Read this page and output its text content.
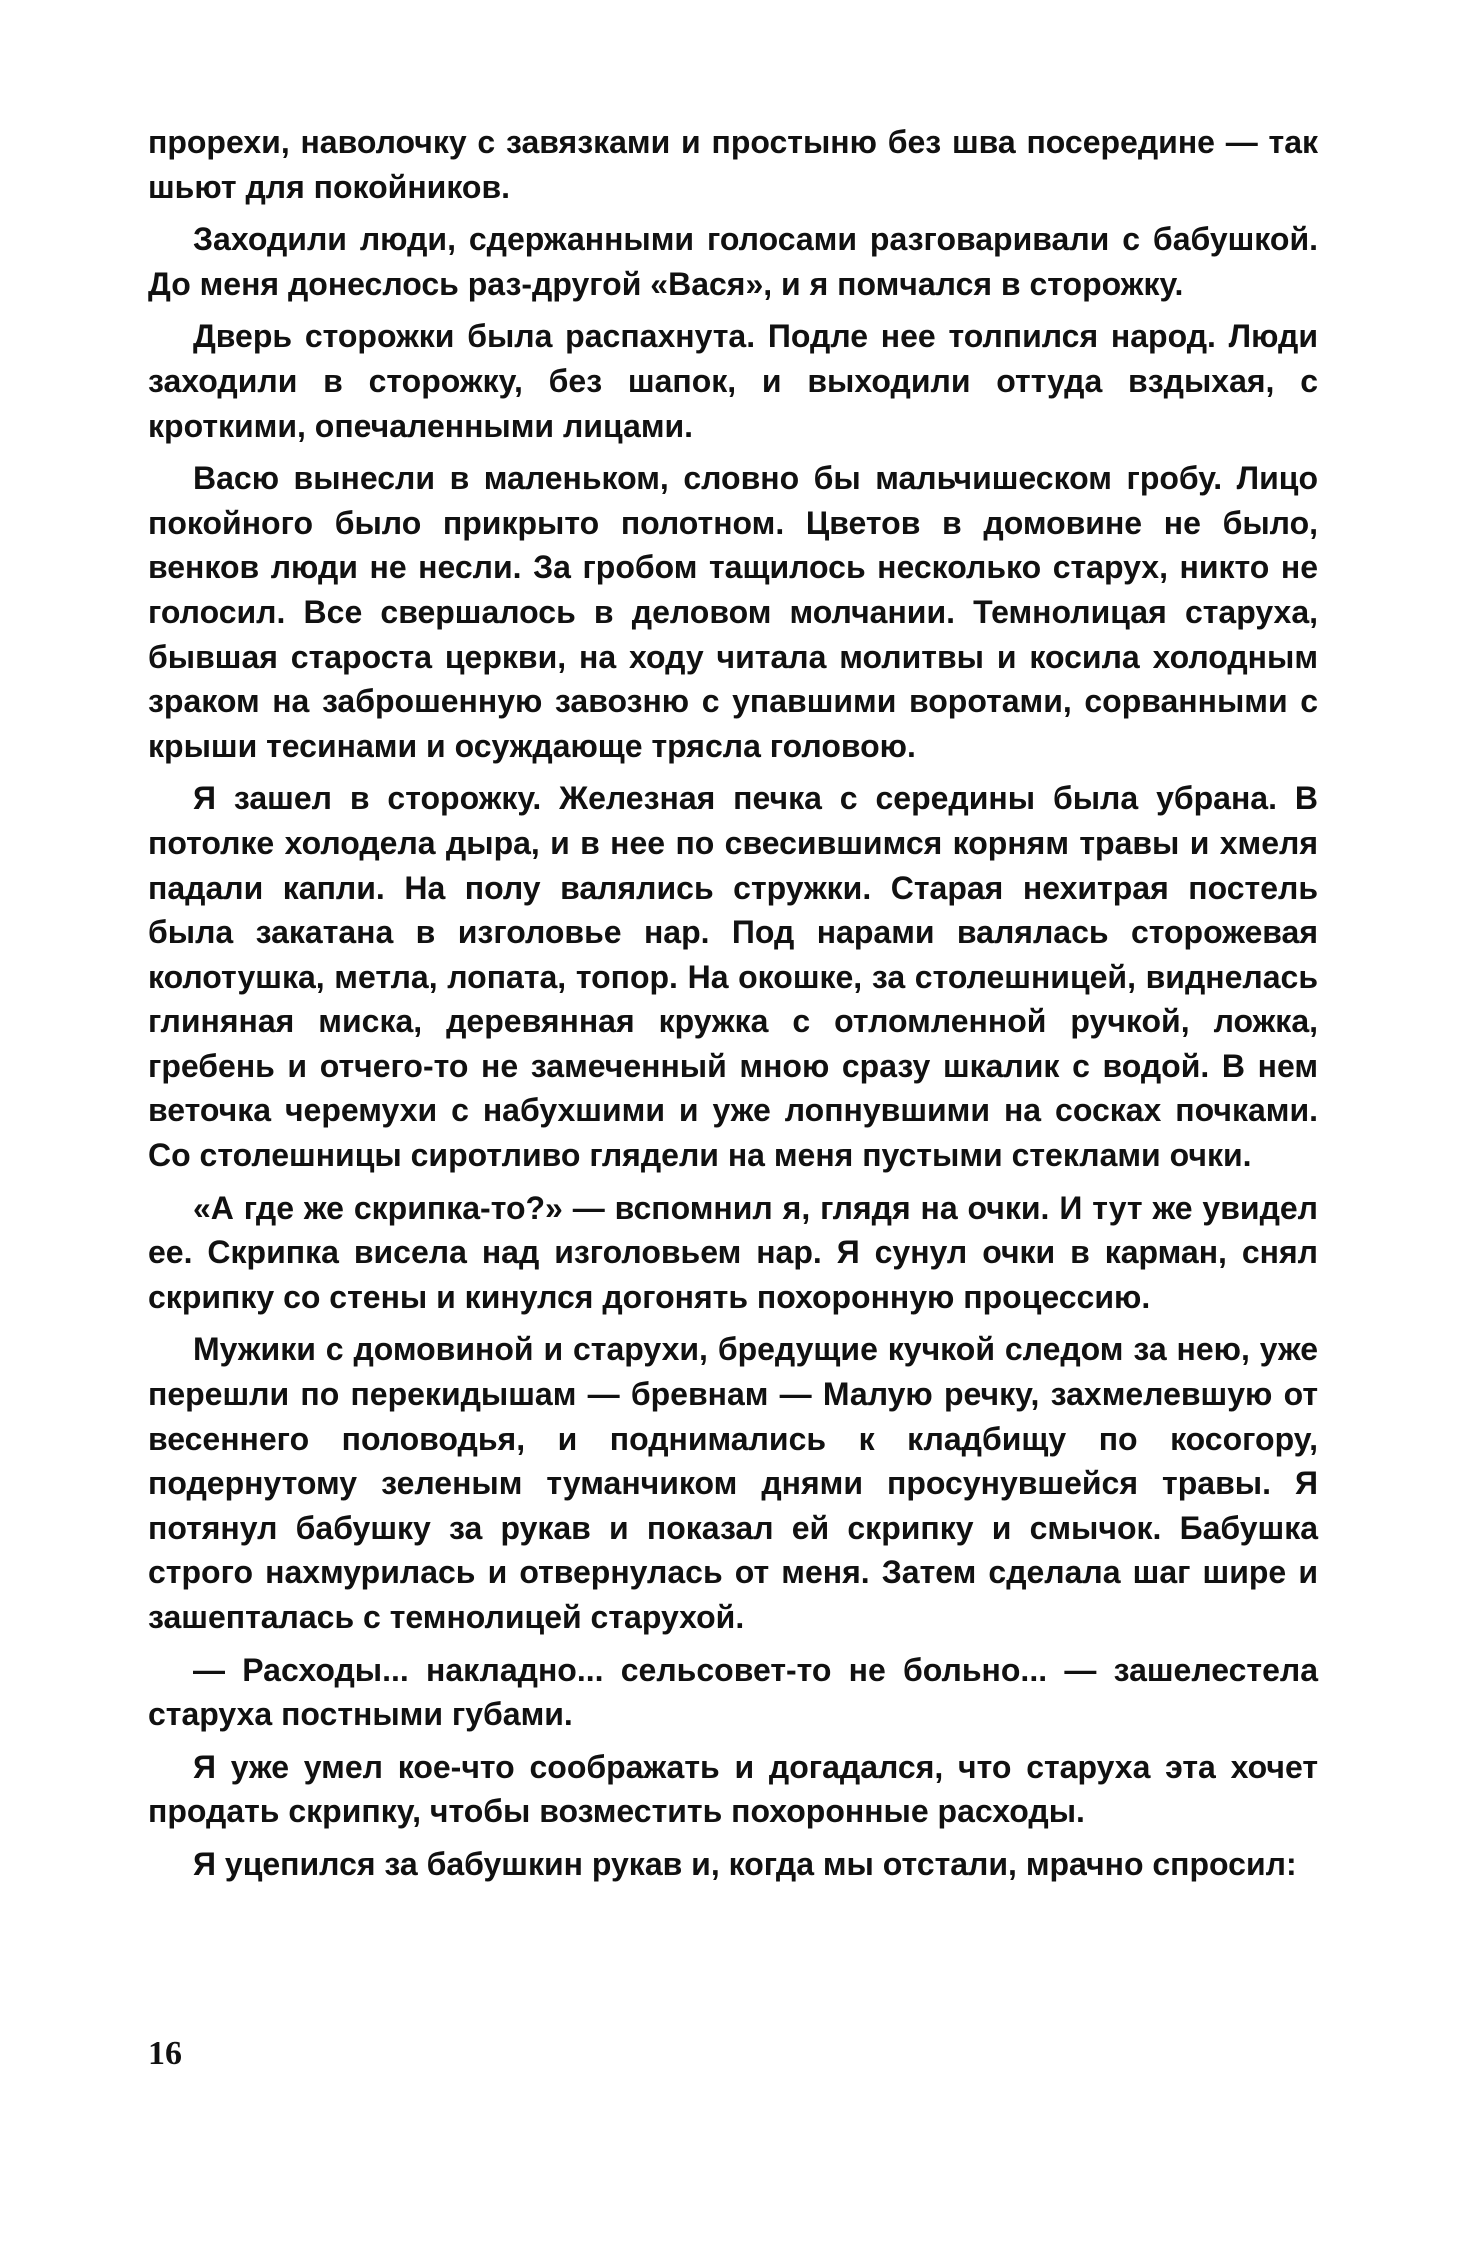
прорехи, наволочку с завязками и простыню без шва посередине — так шьют для покойников.

Заходили люди, сдержанными голосами разговаривали с бабушкой. До меня донеслось раз-другой «Вася», и я помчался в сторожку.

Дверь сторожки была распахнута. Подле нее толпился народ. Люди заходили в сторожку, без шапок, и выходили оттуда вздыхая, с кроткими, опечаленными лицами.

Васю вынесли в маленьком, словно бы мальчишеском гробу. Лицо покойного было прикрыто полотном. Цветов в домовине не было, венков люди не несли. За гробом тащилось несколько старух, никто не голосил. Все свершалось в деловом молчании. Темнолицая старуха, бывшая староста церкви, на ходу читала молитвы и косила холодным зраком на заброшенную завозню с упавшими воротами, сорванными с крыши тесинами и осуждающе трясла головою.

Я зашел в сторожку. Железная печка с середины была убрана. В потолке холодела дыра, и в нее по свесившимся корням травы и хмеля падали капли. На полу валялись стружки. Старая нехитрая постель была закатана в изголовье нар. Под нарами валялась сторожевая колотушка, метла, лопата, топор. На окошке, за столешницей, виднелась глиняная миска, деревянная кружка с отломленной ручкой, ложка, гребень и отчего-то не замеченный мною сразу шкалик с водой. В нем веточка черемухи с набухшими и уже лопнувшими на сосках почками. Со столешницы сиротливо глядели на меня пустыми стеклами очки.

«А где же скрипка-то?» — вспомнил я, глядя на очки. И тут же увидел ее. Скрипка висела над изголовьем нар. Я сунул очки в карман, снял скрипку со стены и кинулся догонять похоронную процессию.

Мужики с домовиной и старухи, бредущие кучкой следом за нею, уже перешли по перекидышам — бревнам — Малую речку, захмелевшую от весеннего половодья, и поднимались к кладбищу по косогору, подернутому зеленым туманчиком днями просунувшейся травы. Я потянул бабушку за рукав и показал ей скрипку и смычок. Бабушка строго нахмурилась и отвернулась от меня. Затем сделала шаг шире и зашепталась с темнолицей старухой.

— Расходы... накладно... сельсовет-то не больно... — зашелестела старуха постными губами.

Я уже умел кое-что соображать и догадался, что старуха эта хочет продать скрипку, чтобы возместить похоронные расходы.

Я уцепился за бабушкин рукав и, когда мы отстали, мрачно спросил:

16
